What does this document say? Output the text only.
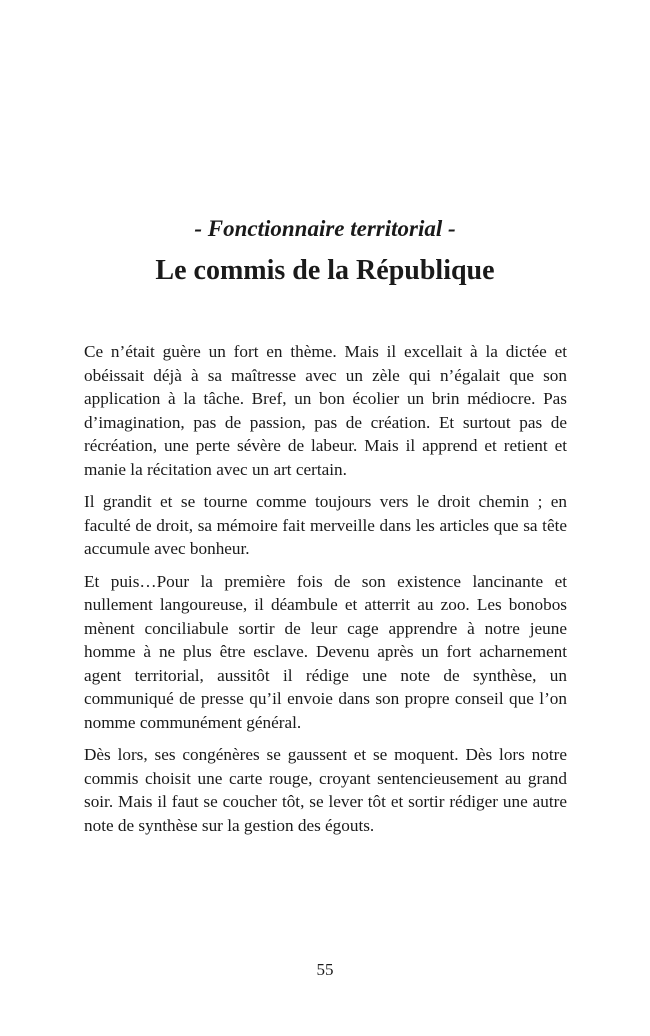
- Fonctionnaire territorial -

Le commis de la République

Ce n’était guère un fort en thème. Mais il excellait à la dictée et obéissait déjà à sa maîtresse avec un zèle qui n’égalait que son application à la tâche. Bref, un bon écolier un brin médiocre. Pas d’imagination, pas de passion, pas de création. Et surtout pas de récréation, une perte sévère de labeur. Mais il apprend et retient et manie la récitation avec un art certain.

Il grandit et se tourne comme toujours vers le droit chemin ; en faculté de droit, sa mémoire fait merveille dans les articles que sa tête accumule avec bonheur.

Et puis…Pour la première fois de son existence lancinante et nullement langoureuse, il déambule et atterrit au zoo. Les bonobos mènent conciliabule sortir de leur cage apprendre à notre jeune homme à ne plus être esclave. Devenu après un fort acharnement agent territorial, aussitôt il rédige une note de synthèse, un communiqué de presse qu’il envoie dans son propre conseil que l’on nomme communément général.

Dès lors, ses congénères se gaussent et se moquent. Dès lors notre commis choisit une carte rouge, croyant sentencieusement au grand soir. Mais il faut se coucher tôt, se lever tôt et sortir rédiger une autre note de synthèse sur la gestion des égouts.

55
